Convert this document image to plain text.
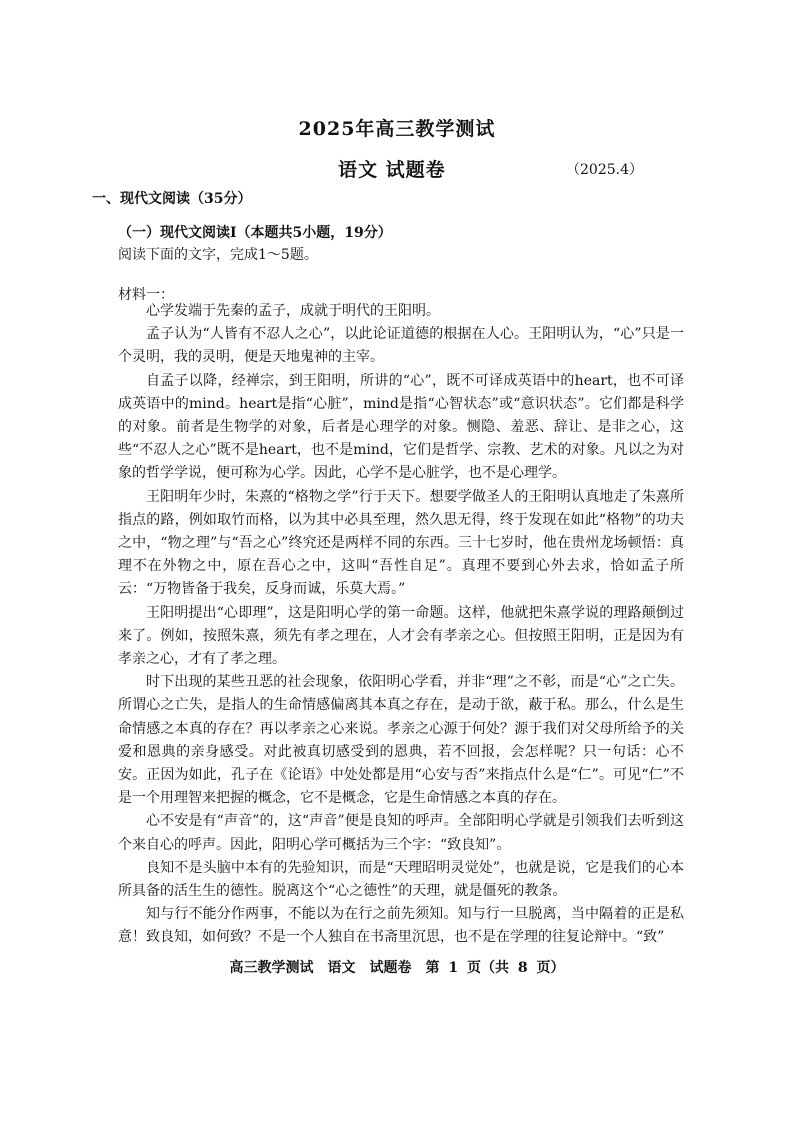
2025年高三教学测试
语文 试题卷	（2025.4）
一、现代文阅读（35分）
（一）现代文阅读Ⅰ（本题共5小题，19分）
阅读下面的文字，完成1～5题。
材料一：

心学发端于先秦的孟子，成就于明代的王阳明。

孟子认为“人皆有不忍人之心”，以此论证道德的根据在人心。王阳明认为，“心”只是一个灵明，我的灵明，便是天地鬼神的主宰。

自孟子以降，经禅宗，到王阳明，所讲的“心”，既不可译成英语中的heart，也不可译成英语中的mind。heart是指“心脏”，mind是指“心智状态”或“意识状态”。它们都是科学的对象。前者是生物学的对象，后者是心理学的对象。恻隐、羞恶、辞让、是非之心，这些“不忍人之心”既不是heart，也不是mind，它们是哲学、宗教、艺术的对象。凡以之为对象的哲学学说，便可称为心学。因此，心学不是心脏学，也不是心理学。

王阳明年少时，朱熹的“格物之学”行于天下。想要学做圣人的王阳明认真地走了朱熹所指点的路，例如取竹而格，以为其中必具至理，然久思无得，终于发现在如此“格物”的功夫之中，“物之理”与“吾之心”终究还是两样不同的东西。三十七岁时，他在贵州龙场顿悟：真理不在外物之中，原在吾心之中，这叫“吾性自足”。真理不要到心外去求，恰如孟子所云：“万物皆备于我矣，反身而诚，乐莫大焉。”

王阳明提出“心即理”，这是阳明心学的第一命题。这样，他就把朱熹学说的理路颠倒过来了。例如，按照朱熹，须先有孝之理在，人才会有孝亲之心。但按照王阳明，正是因为有孝亲之心，才有了孝之理。

时下出现的某些丑恶的社会现象，依阳明心学看，并非“理”之不彰，而是“心”之亡失。所谓心之亡失，是指人的生命情感偏离其本真之存在，是动于欲，蔽于私。那么，什么是生命情感之本真的存在？再以孝亲之心来说。孝亲之心源于何处？源于我们对父母所给予的关爱和恩典的亲身感受。对此被真切感受到的恩典，若不回报，会怎样呢？只一句话：心不安。正因为如此，孔子在《论语》中处处都是用“心安与否”来指点什么是“仁”。可见“仁”不是一个用理智来把握的概念，它不是概念，它是生命情感之本真的存在。

心不安是有“声音”的，这“声音”便是良知的呼声。全部阳明心学就是引领我们去听到这个来自心的呼声。因此，阳明心学可概括为三个字：“致良知”。

良知不是头脑中本有的先验知识，而是“天理昭明灵觉处”，也就是说，它是我们的心本所具备的活生生的德性。脱离这个“心之德性”的天理，就是僵死的教条。

知与行不能分作两事，不能以为在行之前先须知。知与行一旦脱离，当中隔着的正是私意！致良知，如何致？不是一个人独自在书斋里沉思，也不是在学理的往复论辩中。“致”

高三教学测试　语文　试题卷　第 1 页（共 8 页）
